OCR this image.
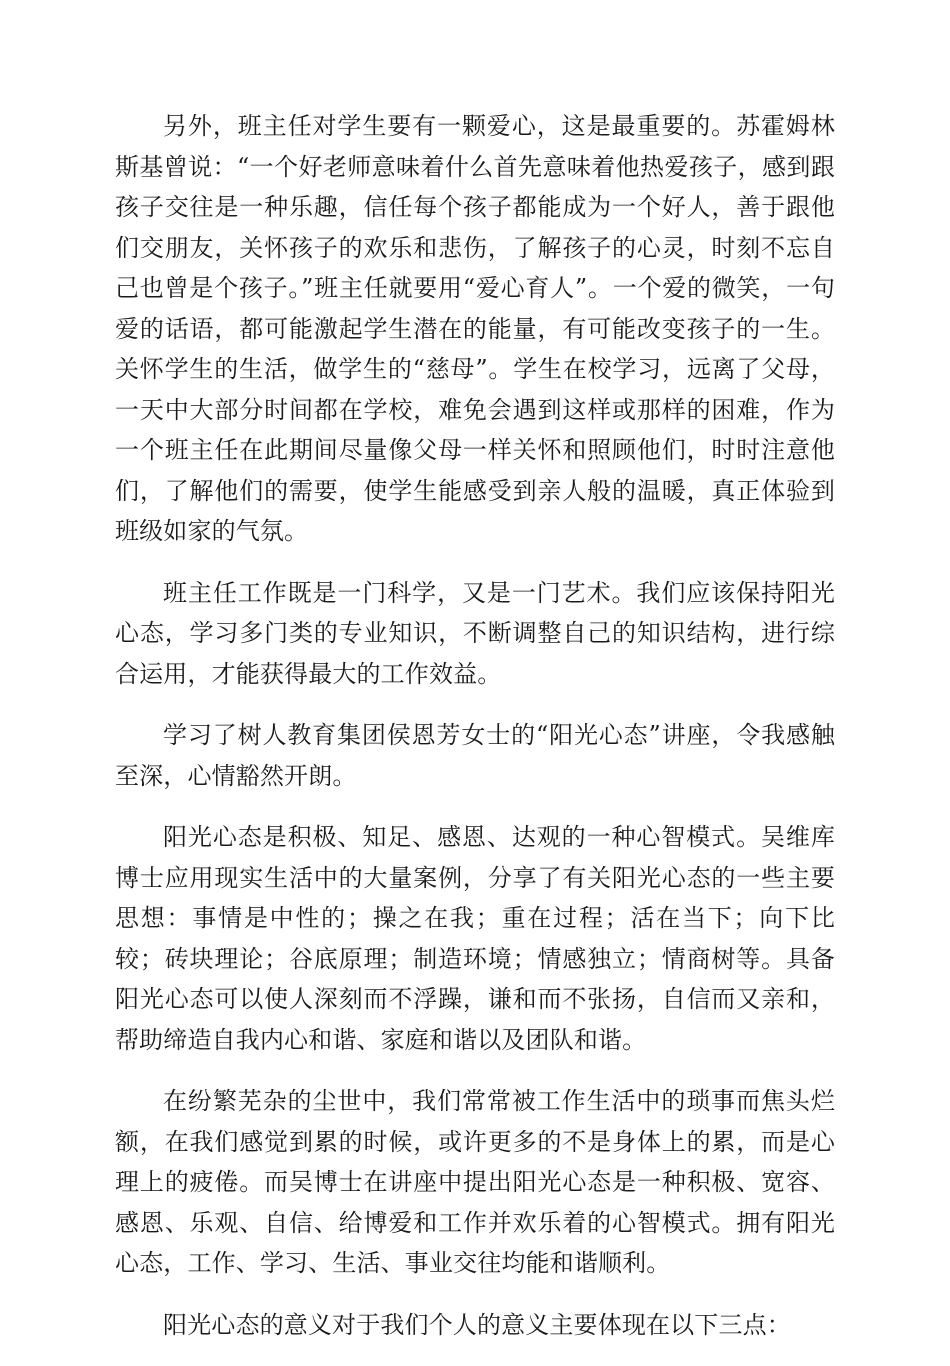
另外，班主任对学生要有一颗爱心，这是最重要的。苏霍姆林斯基曾说：“一个好老师意味着什么首先意味着他热爱孩子，感到跟孩子交往是一种乐趣，信任每个孩子都能成为一个好人，善于跟他们交朋友，关怀孩子的欢乐和悲伤，了解孩子的心灵，时刻不忘自己也曾是个孩子。”班主任就要用“爱心育人”。一个爱的微笑，一句爱的话语，都可能激起学生潜在的能量，有可能改变孩子的一生。关怀学生的生活，做学生的“慈母”。学生在校学习，远离了父母，一天中大部分时间都在学校，难免会遇到这样或那样的困难，作为一个班主任在此期间尽量像父母一样关怀和照顾他们，时时注意他们，了解他们的需要，使学生能感受到亲人般的温暖，真正体验到班级如家的气氛。

班主任工作既是一门科学，又是一门艺术。我们应该保持阳光心态，学习多门类的专业知识，不断调整自己的知识结构，进行综合运用，才能获得最大的工作效益。

学习了树人教育集团侯恩芳女士的“阳光心态”讲座，令我感触至深，心情豁然开朗。

阳光心态是积极、知足、感恩、达观的一种心智模式。吴维库博士应用现实生活中的大量案例，分享了有关阳光心态的一些主要思想：事情是中性的；操之在我；重在过程；活在当下；向下比较；砖块理论；谷底原理；制造环境；情感独立；情商树等。具备阳光心态可以使人深刻而不浮躁，谦和而不张扬，自信而又亲和，帮助缔造自我内心和谐、家庭和谐以及团队和谐。

在纷繁芜杂的尘世中，我们常常被工作生活中的琐事而焦头烂额，在我们感觉到累的时候，或许更多的不是身体上的累，而是心理上的疲倦。而吴博士在讲座中提出阳光心态是一种积极、宽容、感恩、乐观、自信、给博爱和工作并欢乐着的心智模式。拥有阳光心态，工作、学习、生活、事业交往均能和谐顺利。

阳光心态的意义对于我们个人的意义主要体现在以下三点：
